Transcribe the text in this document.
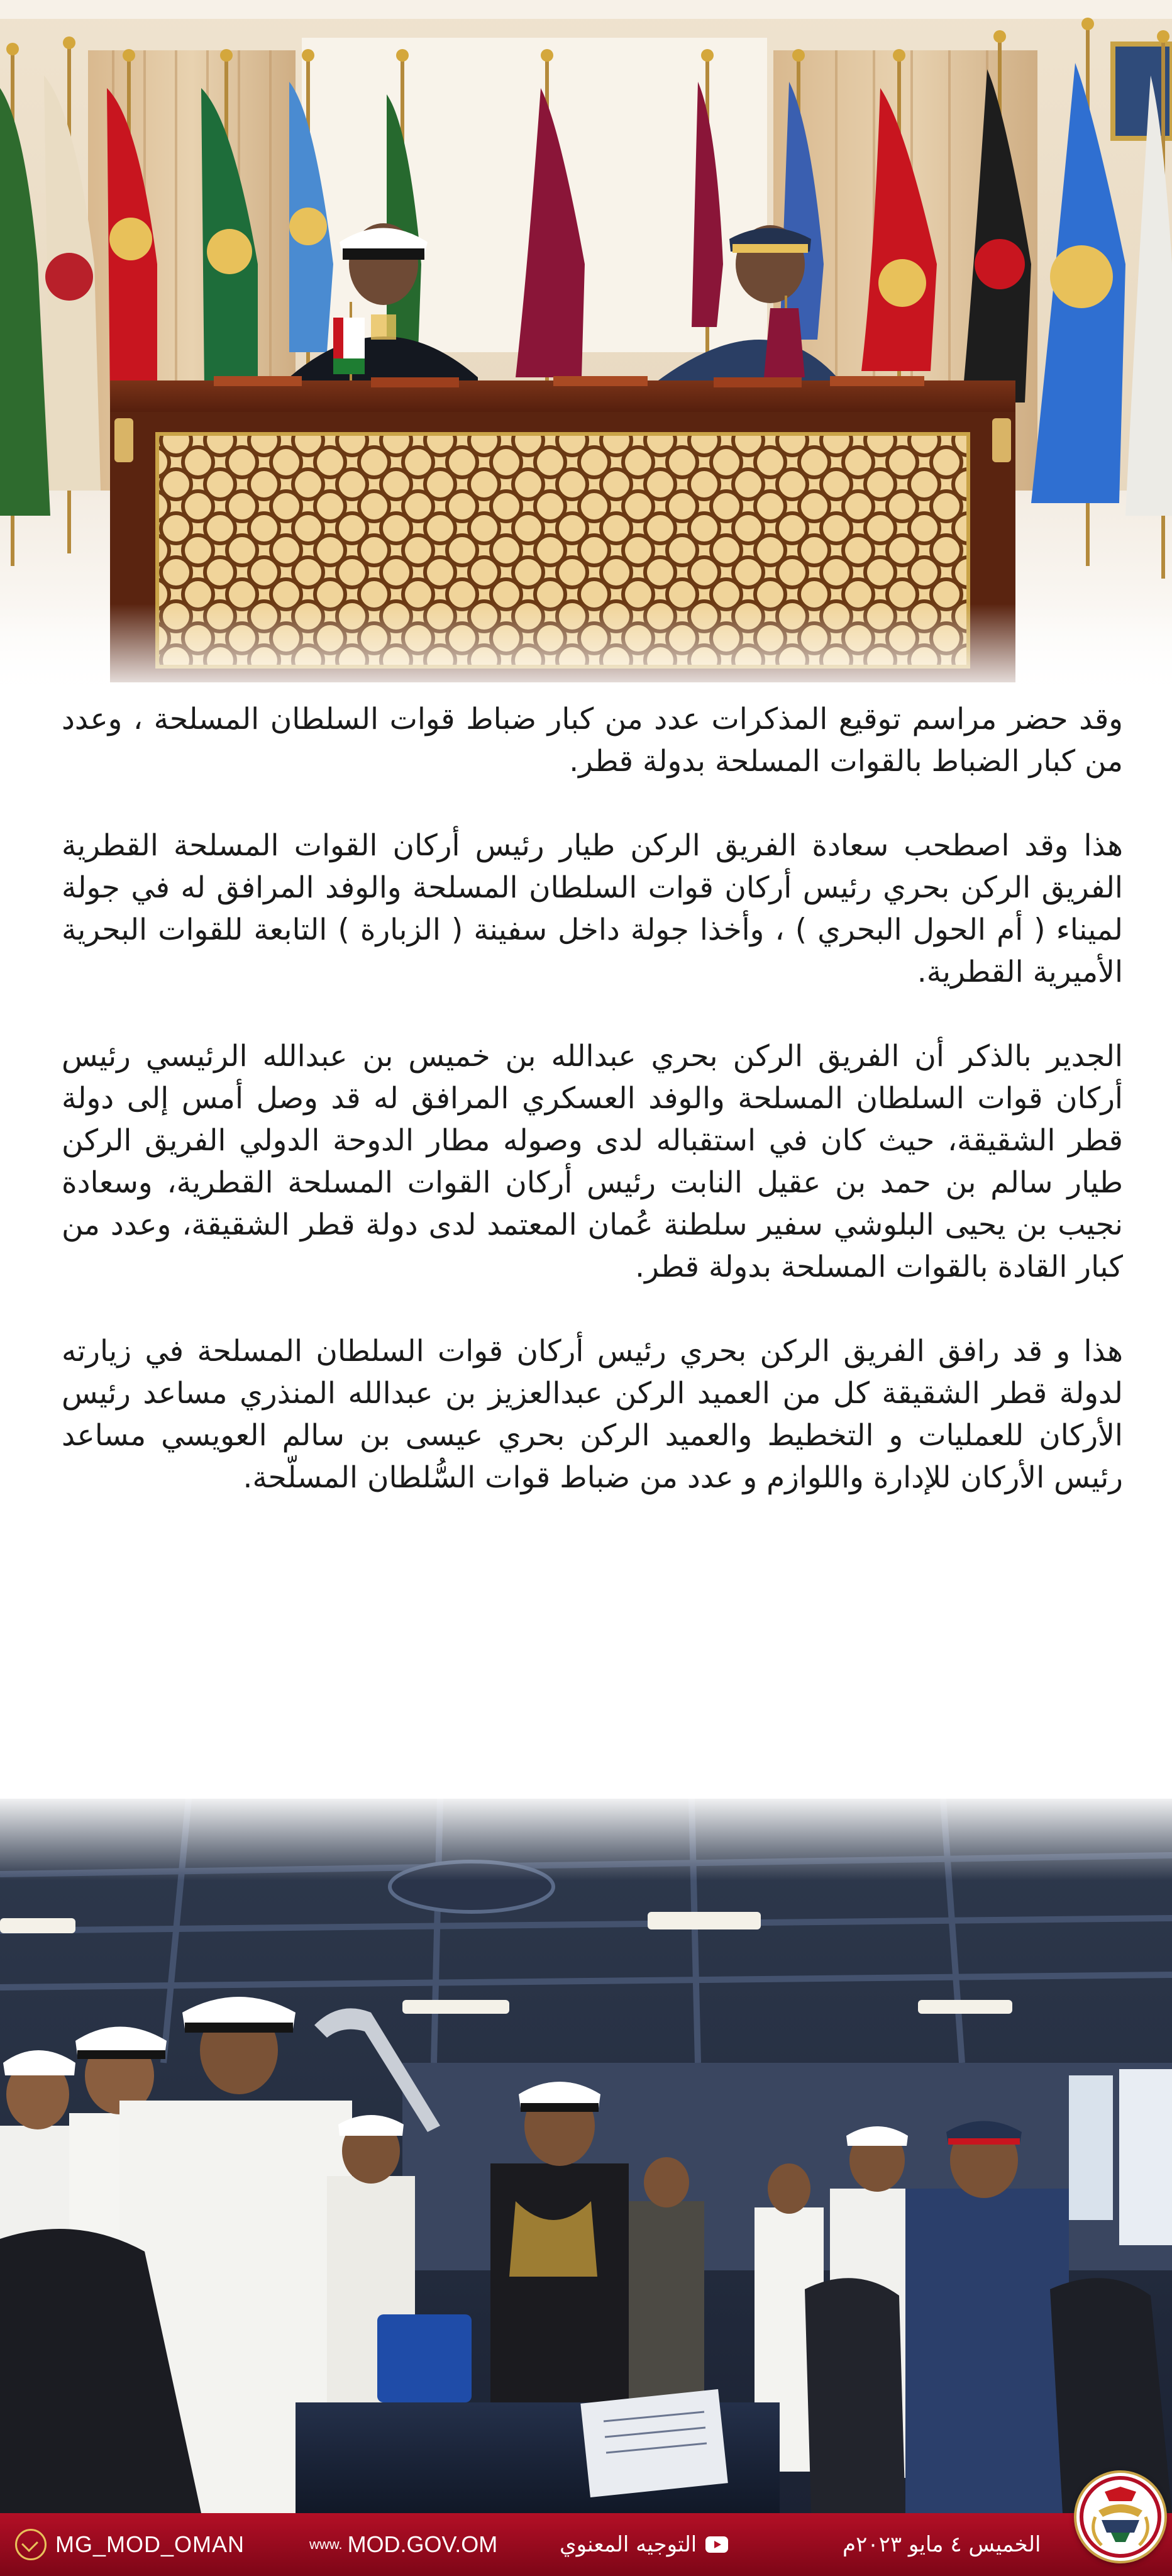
وقد حضر مراسم توقيع المذكرات عدد من كبار ضباط قوات السلطان المسلحة ، وعدد من كبار الضباط بالقوات المسلحة بدولة قطر.

هذا وقد اصطحب سعادة الفريق الركن طيار رئيس أركان القوات المسلحة القطرية الفريق الركن بحري رئيس أركان قوات السلطان المسلحة والوفد المرافق له في جولة لميناء ( أم الحول البحري ) ، وأخذا جولة داخل سفينة ( الزبارة ) التابعة للقوات البحرية الأميرية القطرية.

الجدير بالذكر أن الفريق الركن بحري عبدالله بن خميس بن عبدالله الرئيسي رئيس أركان قوات السلطان المسلحة والوفد العسكري المرافق له قد وصل أمس إلى دولة قطر الشقيقة، حيث كان في استقباله لدى وصوله مطار الدوحة الدولي الفريق الركن طيار سالم بن حمد بن عقيل النابت رئيس أركان القوات المسلحة القطرية، وسعادة نجيب بن يحيى البلوشي سفير سلطنة عُمان المعتمد لدى دولة قطر الشقيقة، وعدد من كبار القادة بالقوات المسلحة بدولة قطر.

هذا و قد رافق الفريق الركن بحري رئيس أركان قوات السلطان المسلحة في زيارته لدولة قطر الشقيقة كل من العميد الركن عبدالعزيز بن عبدالله المنذري مساعد رئيس الأركان للعمليات و التخطيط والعميد الركن بحري عيسى بن سالم العويسي مساعد رئيس الأركان للإدارة واللوازم و عدد من ضباط قوات السُّلطان المسلّحة.

MG_MOD_OMAN	www. MOD.GOV.OM	التوجيه المعنوي	الخميس ٤ مايو ٢٠٢٣م
